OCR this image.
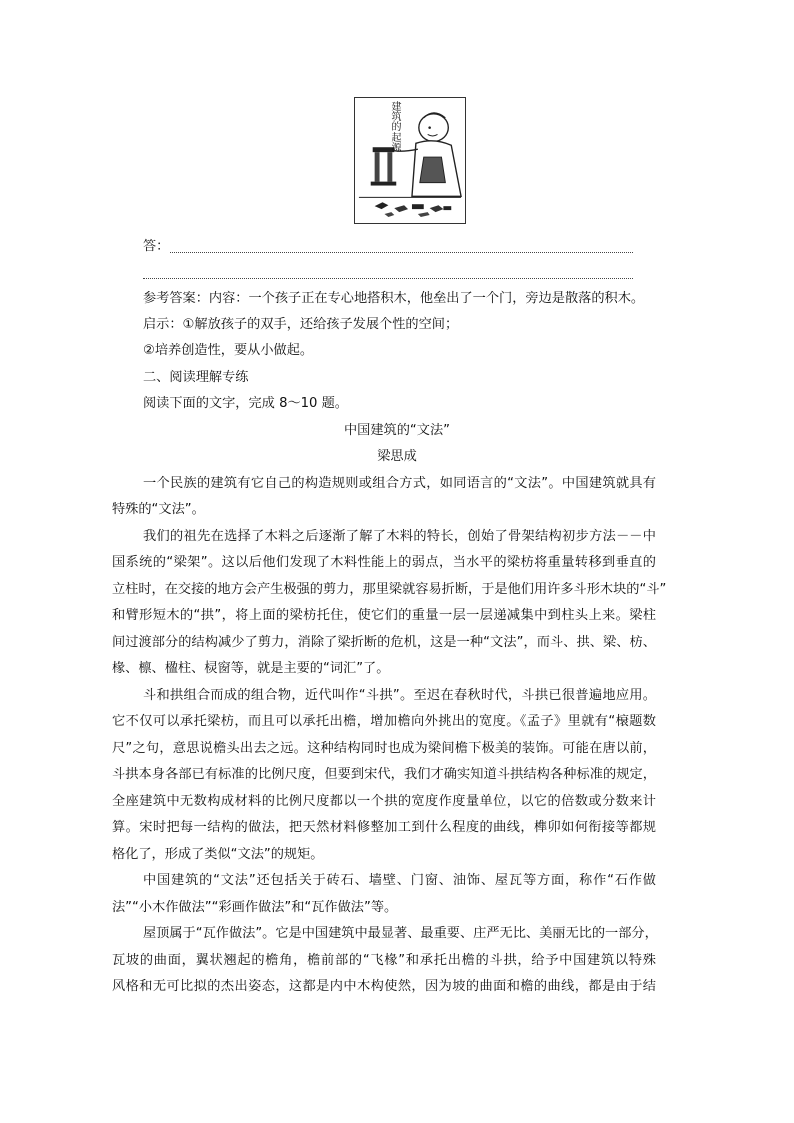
建筑的
起源
答：
参考答案：内容：一个孩子正在专心地搭积木，他垒出了一个门，旁边是散落的积木。
启示：①解放孩子的双手，还给孩子发展个性的空间；
②培养创造性，要从小做起。
二、阅读理解专练
阅读下面的文字，完成 8～10 题。
中国建筑的“文法”
梁思成
一个民族的建筑有它自己的构造规则或组合方式，如同语言的“文法”。中国建筑就具有
特殊的“文法”。
我们的祖先在选择了木料之后逐渐了解了木料的特长，创始了骨架结构初步方法－－中
国系统的“梁架”。这以后他们发现了木料性能上的弱点，当水平的梁枋将重量转移到垂直的
立柱时，在交接的地方会产生极强的剪力，那里梁就容易折断，于是他们用许多斗形木块的“斗”
和臂形短木的“拱”，将上面的梁枋托住，使它们的重量一层一层递减集中到柱头上来。梁柱
间过渡部分的结构减少了剪力，消除了梁折断的危机，这是一种“文法”，而斗、拱、梁、枋、
椽、檩、楹柱、棂窗等，就是主要的“词汇”了。
斗和拱组合而成的组合物，近代叫作“斗拱”。至迟在春秋时代，斗拱已很普遍地应用。
它不仅可以承托梁枋，而且可以承托出檐，增加檐向外挑出的宽度。《孟子》里就有“榱题数
尺”之句，意思说檐头出去之远。这种结构同时也成为梁间檐下极美的装饰。可能在唐以前，
斗拱本身各部已有标准的比例尺度，但要到宋代，我们才确实知道斗拱结构各种标准的规定，
全座建筑中无数构成材料的比例尺度都以一个拱的宽度作度量单位，以它的倍数或分数来计
算。宋时把每一结构的做法，把天然材料修整加工到什么程度的曲线，榫卯如何衔接等都规
格化了，形成了类似“文法”的规矩。
中国建筑的“文法”还包括关于砖石、墙壁、门窗、油饰、屋瓦等方面，称作“石作做
法”“小木作做法”“彩画作做法”和“瓦作做法”等。
屋顶属于“瓦作做法”。它是中国建筑中最显著、最重要、庄严无比、美丽无比的一部分，
瓦坡的曲面，翼状翘起的檐角，檐前部的“飞椽”和承托出檐的斗拱，给予中国建筑以特殊
风格和无可比拟的杰出姿态，这都是内中木构使然，因为坡的曲面和檐的曲线，都是由于结
